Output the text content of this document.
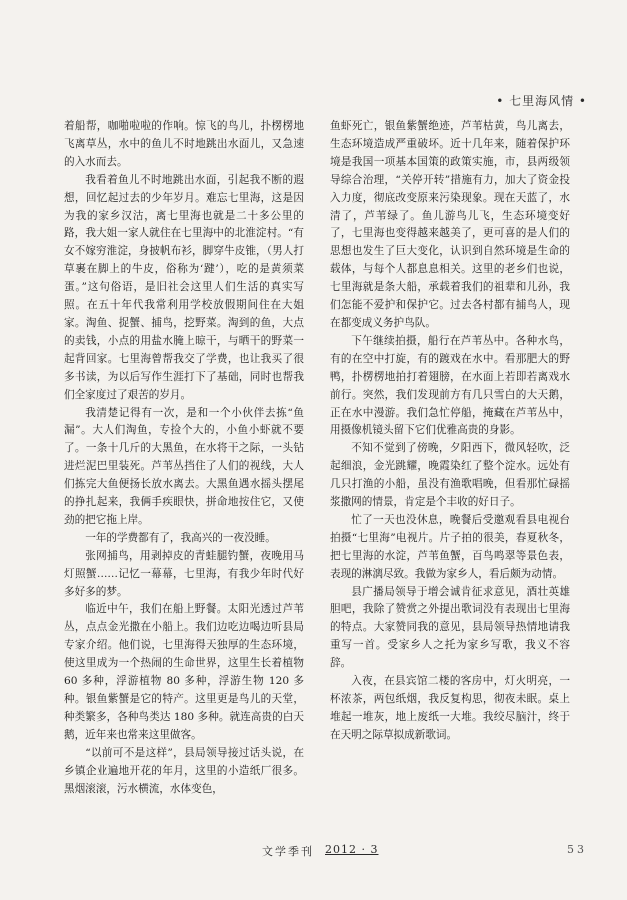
• 七里海风情 •

着船帮，咖啪啦啦的作响。惊飞的鸟儿，扑楞楞地飞离草丛，水中的鱼儿不时地跳出水面儿，又急速的入水而去。

我看着鱼儿不时地跳出水面，引起我不断的遐想，回忆起过去的少年岁月。难忘七里海，这是因为我的家乡汉沽，离七里海也就是二十多公里的路，我大姐一家人就住在七里海中的北淮淀村。“有女不嫁穷淮淀，身披帆布衫，脚穿牛皮锥，（男人打草裹在脚上的牛皮，俗称为‘踺’），吃的是黄须菜蛋。”这句俗语，是旧社会这里人们生活的真实写照。在五十年代我常利用学校放假期间住在大姐家。淘鱼、捉蟹、捕鸟，挖野菜。淘到的鱼，大点的卖钱，小点的用盐水腌上晾干，与晒干的野菜一起背回家。七里海曾帮我交了学费，也让我买了很多书读，为以后写作生涯打下了基础，同时也帮我们全家度过了艰苦的岁月。

我清楚记得有一次，是和一个小伙伴去拣“鱼漏”。大人们淘鱼，专捡个大的，小鱼小虾就不要了。一条十几斤的大黑鱼，在水将干之际，一头钻进烂泥巴里装死。芦苇丛挡住了人们的视线，大人们拣完大鱼便扬长放水离去。大黑鱼遇水摇头摆尾的挣扎起来，我俩手疾眼快，拼命地按住它，又使劲的把它拖上岸。

一年的学费都有了，我高兴的一夜没睡。

张网捕鸟，用剥掉皮的青蛙腿钓蟹，夜晚用马灯照蟹……记忆一幕幕，七里海，有我少年时代好多好多的梦。

临近中午，我们在船上野餐。太阳光透过芦苇丛，点点金光撒在小船上。我们边吃边喝边听县局专家介绍。他们说，七里海得天独厚的生态环境，使这里成为一个热闹的生命世界，这里生长着植物 60 多种，浮游植物 80 多种，浮游生物 120 多种。银鱼紫蟹是它的特产。这里更是鸟儿的天堂，种类繁多，各种鸟类达 180 多种。就连高贵的白天鹅，近年来也常来这里做客。

“以前可不是这样”，县局领导接过话头说，在乡镇企业遍地开花的年月，这里的小造纸厂很多。黑烟滚滚，污水横流，水体变色，

鱼虾死亡，银鱼紫蟹绝迹，芦苇枯黄，鸟儿离去，生态环境造成严重破坏。近十几年来，随着保护环境是我国一项基本国策的政策实施，市，县两级领导综合治理，“关停开转”措施有力，加大了资金投入力度，彻底改变原来污染现象。现在天蓝了，水清了，芦苇绿了。鱼儿游鸟儿飞，生态环境变好了，七里海也变得越来越美了，更可喜的是人们的思想也发生了巨大变化，认识到自然环境是生命的载体，与每个人都息息相关。这里的老乡们也说，七里海就是条大船，承载着我们的祖辈和儿孙，我们怎能不爱护和保护它。过去各村都有捕鸟人，现在都变成义务护鸟队。

下午继续拍摄，船行在芦苇丛中。各种水鸟，有的在空中打旋，有的踱戏在水中。看那肥大的野鸭，扑楞楞地拍打着翅膀，在水面上若即若离戏水前行。突然，我们发现前方有几只雪白的大天鹅，正在水中漫游。我们急忙停船，掩藏在芦苇丛中，用摄像机镜头留下它们优雅高贵的身影。

不知不觉到了傍晚，夕阳西下，微风轻吹，泛起细浪，金光跳耀，晚霞染红了整个淀水。远处有几只打渔的小船，虽没有渔歌唱晚，但看那忙碌摇浆撒网的情景，肯定是个丰收的好日子。

忙了一天也没休息，晚餐后受邀观看县电视台拍摄“七里海”电视片。片子拍的很美，春夏秋冬，把七里海的水淀，芦苇鱼蟹，百鸟鸣翠等景色表，表现的淋漓尽致。我做为家乡人，看后颇为动情。

县广播局领导于增会诚肯征求意见，酒壮英雄胆吧，我除了赞赏之外提出歌词没有表现出七里海的特点。大家赞同我的意见，县局领导热情地请我重写一首。受家乡人之托为家乡写歌，我义不容辞。

入夜，在县宾馆二楼的客房中，灯火明亮，一杯浓茶，两包纸烟，我反复构思，彻夜未眠。桌上堆起一堆灰，地上废纸一大堆。我绞尽脑汁，终于在天明之际草拟成新歌词。

文学季刊 2012 · 3	53
